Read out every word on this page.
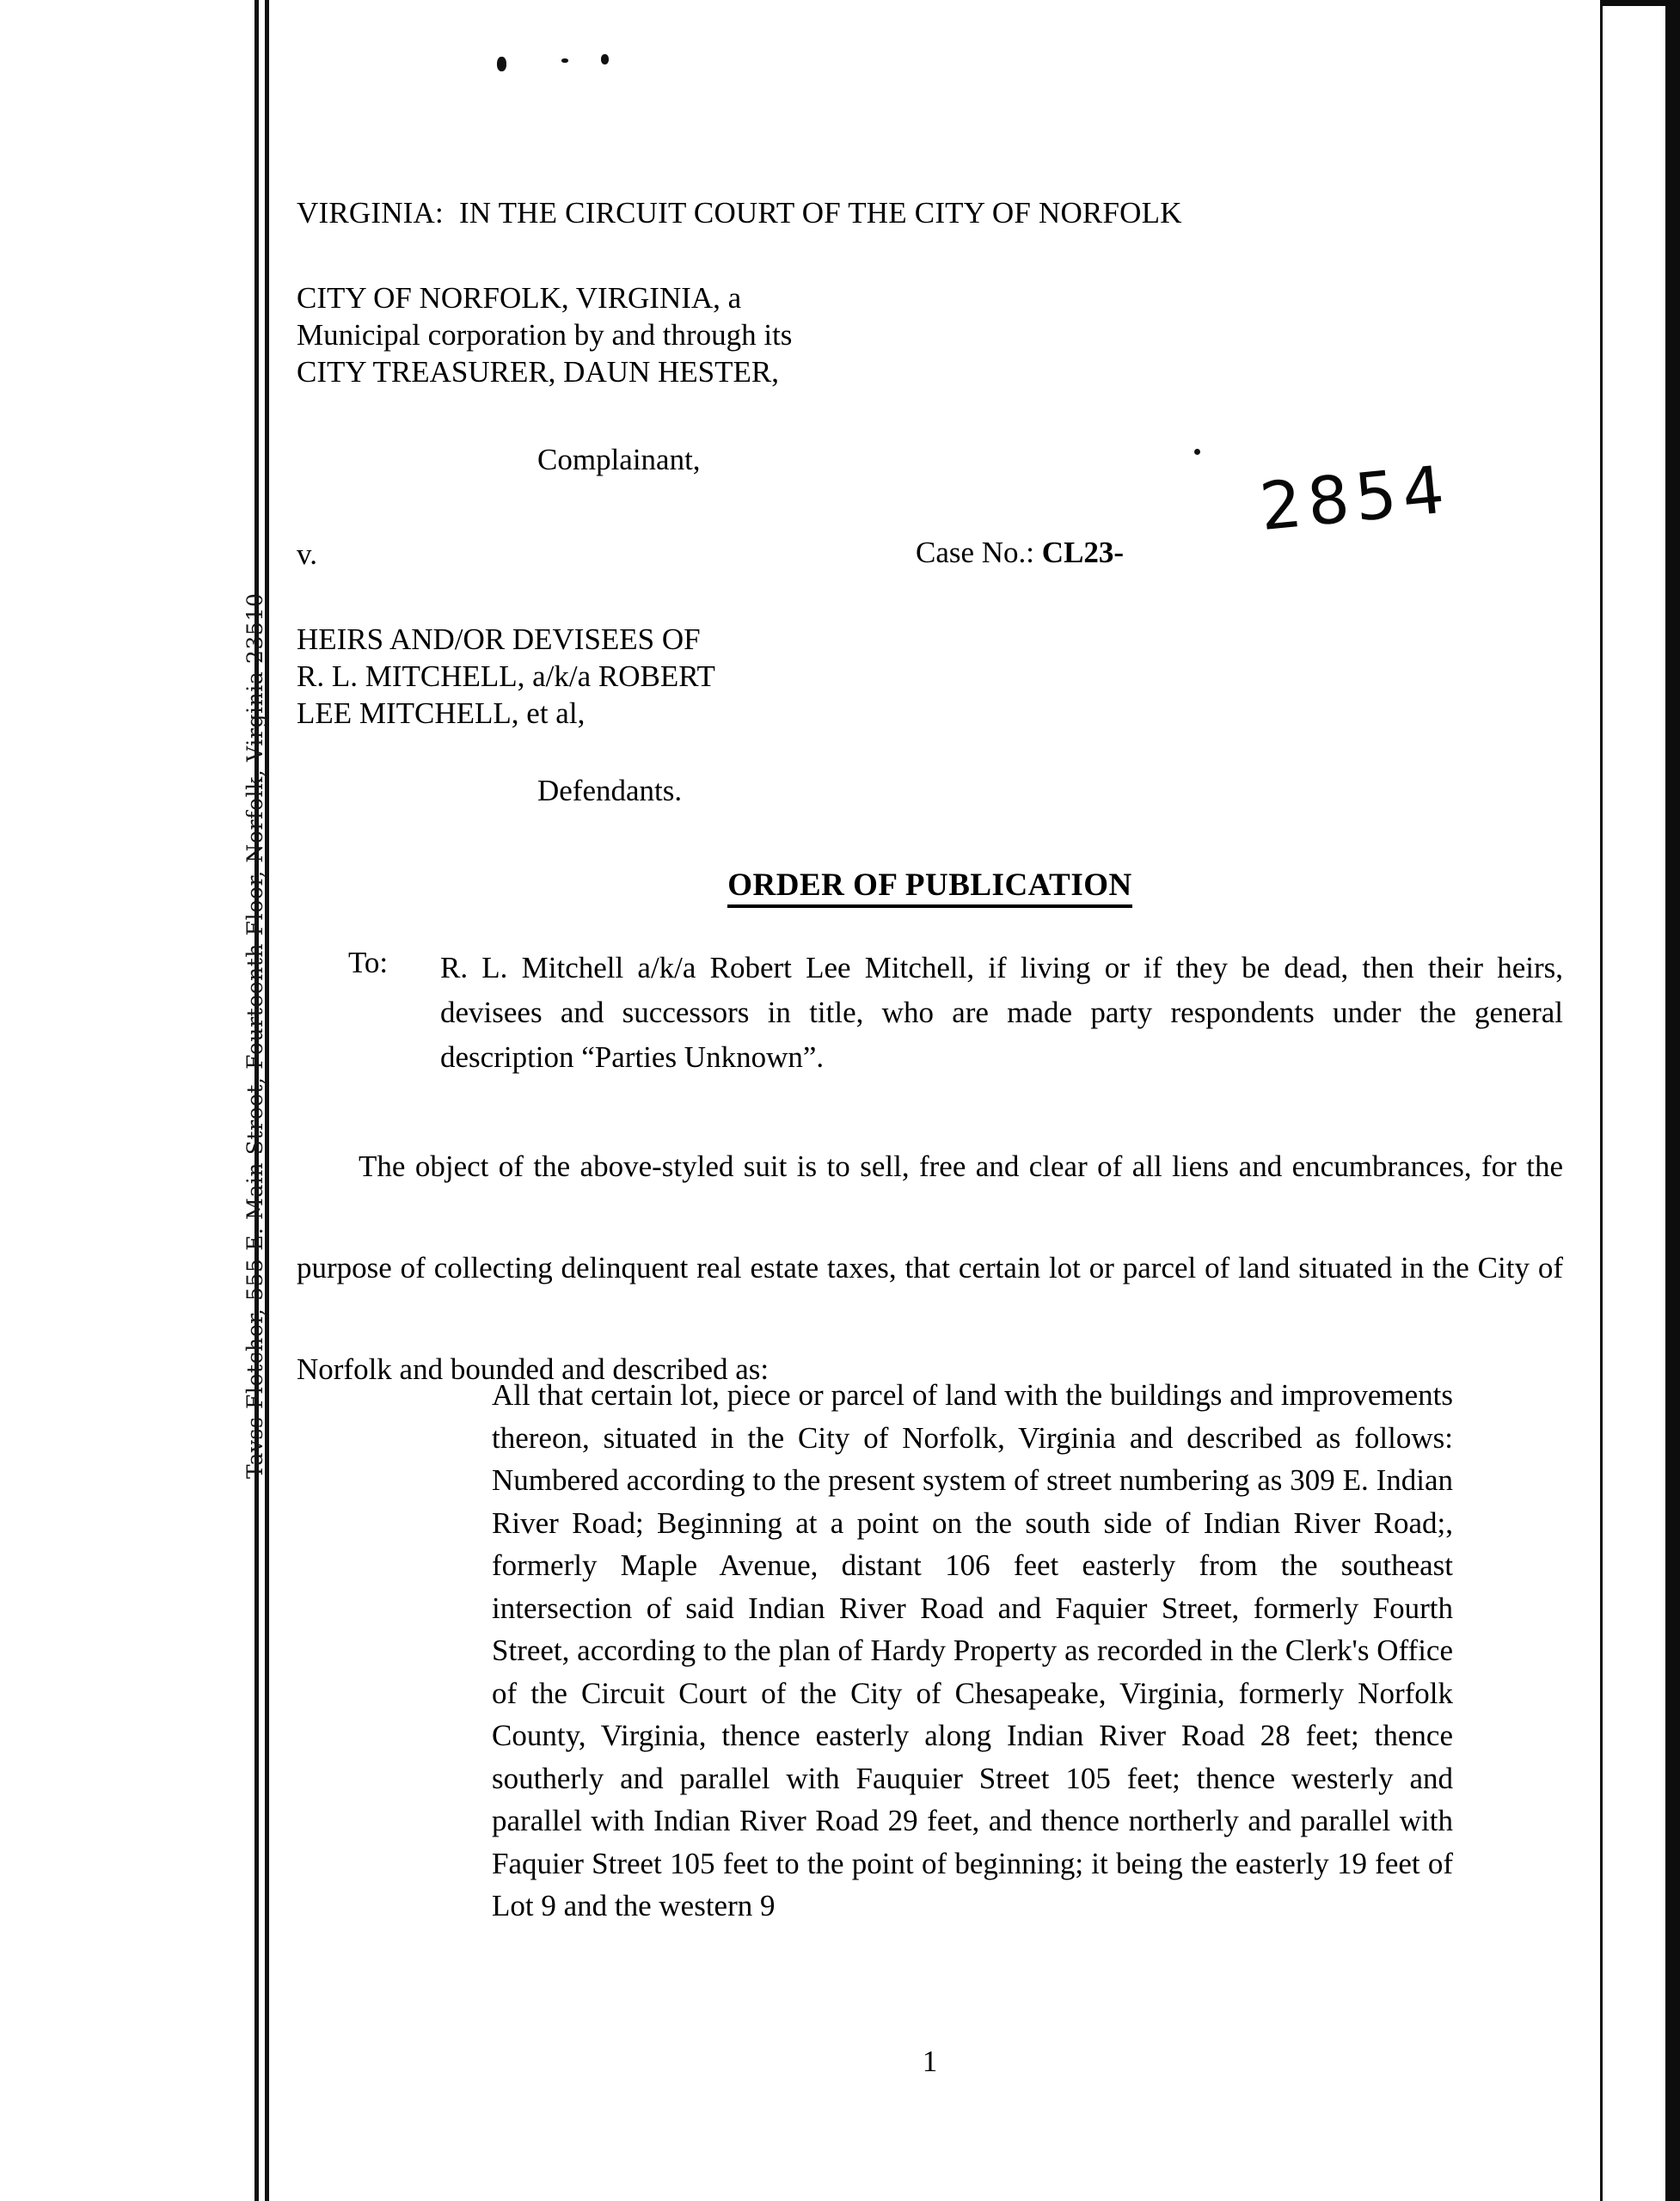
Tavss Fletcher, 555 E. Main Street, Fourteenth Floor, Norfolk, Virginia 23510
VIRGINIA: IN THE CIRCUIT COURT OF THE CITY OF NORFOLK
CITY OF NORFOLK, VIRGINIA, a
Municipal corporation by and through its
CITY TREASURER, DAUN HESTER,
Complainant,
v.	Case No.: CL23-
2854
HEIRS AND/OR DEVISEES OF
R. L. MITCHELL, a/k/a ROBERT
LEE MITCHELL, et al,
Defendants.
ORDER OF PUBLICATION
To: R. L. Mitchell a/k/a Robert Lee Mitchell, if living or if they be dead, then their heirs, devisees and successors in title, who are made party respondents under the general description “Parties Unknown”.
The object of the above-styled suit is to sell, free and clear of all liens and encumbrances, for the purpose of collecting delinquent real estate taxes, that certain lot or parcel of land situated in the City of Norfolk and bounded and described as:
All that certain lot, piece or parcel of land with the buildings and improvements thereon, situated in the City of Norfolk, Virginia and described as follows: Numbered according to the present system of street numbering as 309 E. Indian River Road; Beginning at a point on the south side of Indian River Road;, formerly Maple Avenue, distant 106 feet easterly from the southeast intersection of said Indian River Road and Faquier Street, formerly Fourth Street, according to the plan of Hardy Property as recorded in the Clerk's Office of the Circuit Court of the City of Chesapeake, Virginia, formerly Norfolk County, Virginia, thence easterly along Indian River Road 28 feet; thence southerly and parallel with Fauquier Street 105 feet; thence westerly and parallel with Indian River Road 29 feet, and thence northerly and parallel with Faquier Street 105 feet to the point of beginning; it being the easterly 19 feet of Lot 9 and the western 9
1
